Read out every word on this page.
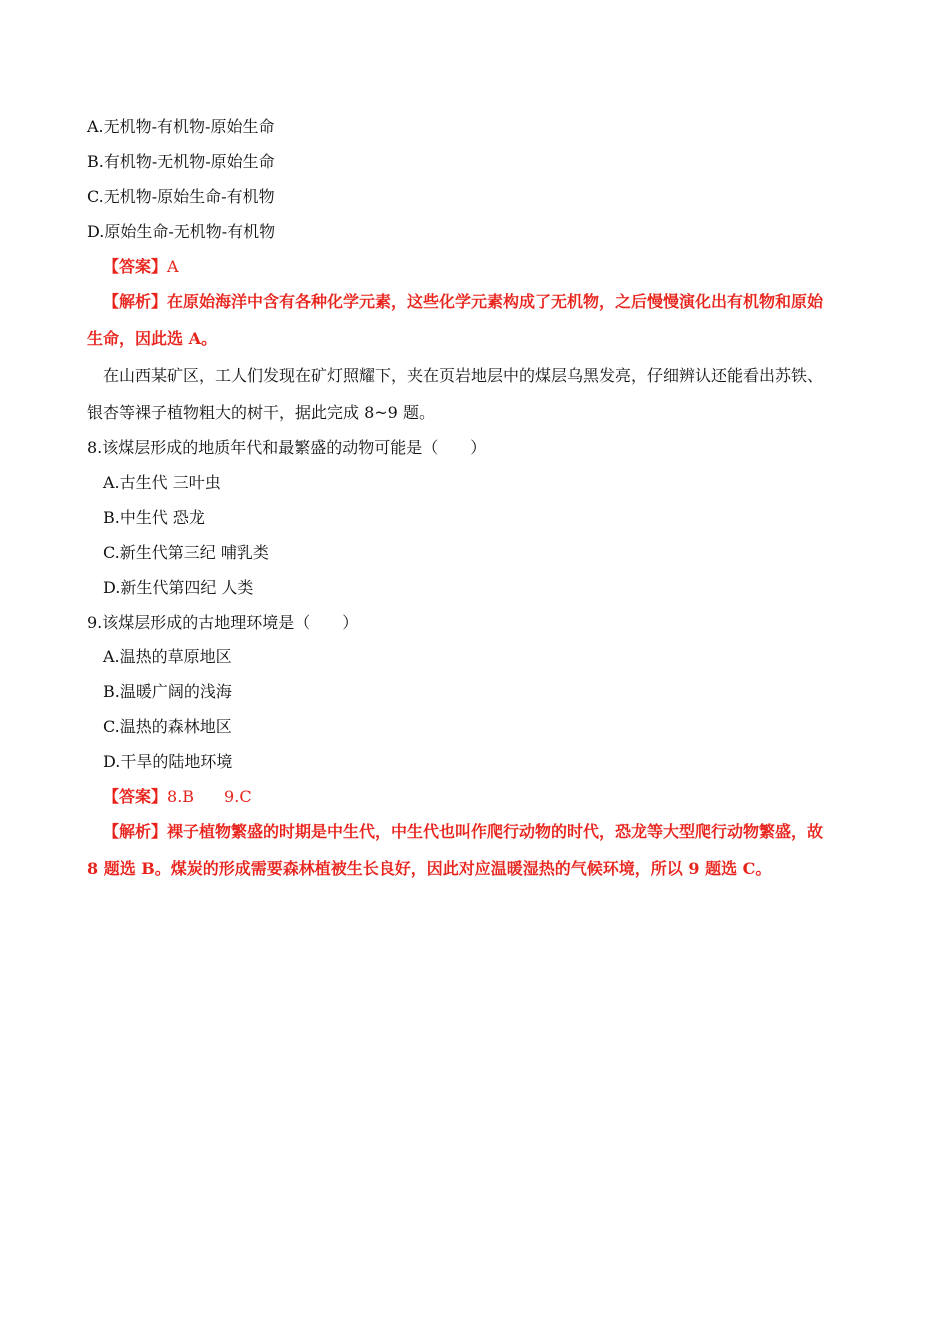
A.无机物-有机物-原始生命
B.有机物-无机物-原始生命
C.无机物-原始生命-有机物
D.原始生命-无机物-有机物
【答案】A
【解析】在原始海洋中含有各种化学元素，这些化学元素构成了无机物，之后慢慢演化出有机物和原始
生命，因此选 A。
在山西某矿区，工人们发现在矿灯照耀下，夹在页岩地层中的煤层乌黑发亮，仔细辨认还能看出苏铁、
银杏等裸子植物粗大的树干，据此完成 8~9 题。
8.该煤层形成的地质年代和最繁盛的动物可能是（　　）
A.古生代 三叶虫
B.中生代 恐龙
C.新生代第三纪 哺乳类
D.新生代第四纪 人类
9.该煤层形成的古地理环境是（　　）
A.温热的草原地区
B.温暖广阔的浅海
C.温热的森林地区
D.干旱的陆地环境
【答案】8.B 9.C
【解析】裸子植物繁盛的时期是中生代，中生代也叫作爬行动物的时代，恐龙等大型爬行动物繁盛，故
8 题选 B。煤炭的形成需要森林植被生长良好，因此对应温暖湿热的气候环境，所以 9 题选 C。
